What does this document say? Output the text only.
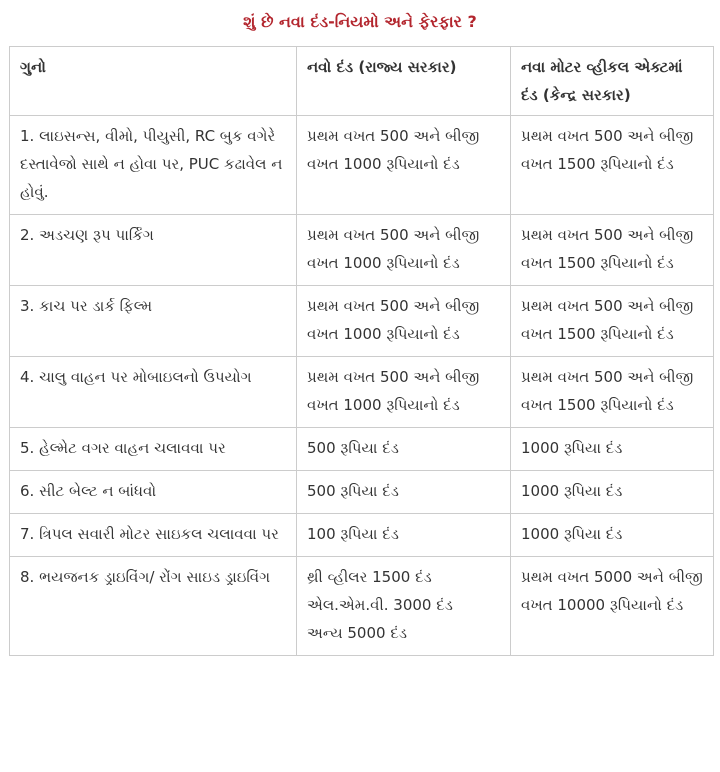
શું છે નવા દંડ-નિયમો અને ફેરફાર ?
ગુનો	નવો દંડ (રાજ્ય સરકાર)	નવા મોટર વ્હીકલ એક્ટમાં દંડ (કેન્દ્ર સરકાર)
1. લાઇસન્સ, વીમો, પીયુસી, RC બુક વગેરે દસ્તાવેજો સાથે ન હોવા પર, PUC કઢાવેલ ન હોવું.	પ્રથમ વખત 500 અને બીજી વખત 1000 રૂપિયાનો દંડ	પ્રથમ વખત 500 અને બીજી વખત 1500 રૂપિયાનો દંડ
2. અડચણ રૂપ પાર્કિંગ	પ્રથમ વખત 500 અને બીજી વખત 1000 રૂપિયાનો દંડ	પ્રથમ વખત 500 અને બીજી વખત 1500 રૂપિયાનો દંડ
3. કાચ પર ડાર્ક ફિલ્મ	પ્રથમ વખત 500 અને બીજી વખત 1000 રૂપિયાનો દંડ	પ્રથમ વખત 500 અને બીજી વખત 1500 રૂપિયાનો દંડ
4. ચાલુ વાહન પર મોબાઇલનો ઉપયોગ	પ્રથમ વખત 500 અને બીજી વખત 1000 રૂપિયાનો દંડ	પ્રથમ વખત 500 અને બીજી વખત 1500 રૂપિયાનો દંડ
5. હેલ્મેટ વગર વાહન ચલાવવા પર	500 રૂપિયા દંડ	1000 રૂપિયા દંડ
6. સીટ બેલ્ટ ન બાંધવો	500 રૂપિયા દંડ	1000 રૂપિયા દંડ
7. ત્રિપલ સવારી મોટર સાઇકલ ચલાવવા પર	100 રૂપિયા દંડ	1000 રૂપિયા દંડ
8. ભયજનક ડ્રાઇવિંગ/ રોંગ સાઇડ ડ્રાઇવિંગ	થ્રી વ્હીલર 1500 દંડ
એલ.એમ.વી. 3000 દંડ
અન્ય 5000 દંડ	પ્રથમ વખત 5000 અને બીજી વખત 10000 રૂપિયાનો દંડ
